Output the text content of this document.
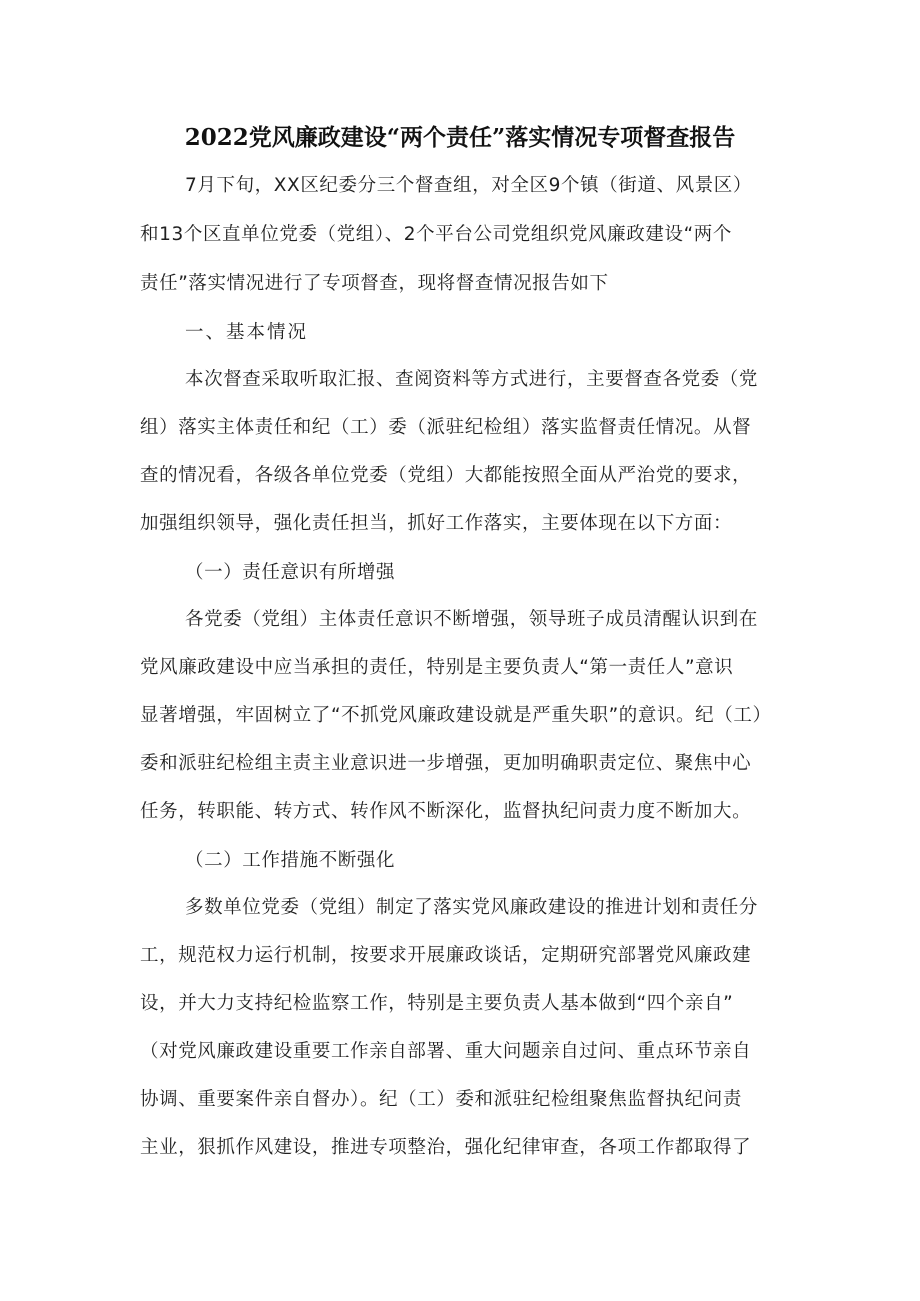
2022党风廉政建设“两个责任”落实情况专项督查报告
7月下旬，XX区纪委分三个督查组，对全区9个镇（街道、风景区）
和13个区直单位党委（党组）、2个平台公司党组织党风廉政建设“两个
责任”落实情况进行了专项督查，现将督查情况报告如下
一、基本情况
本次督查采取听取汇报、查阅资料等方式进行，主要督查各党委（党
组）落实主体责任和纪（工）委（派驻纪检组）落实监督责任情况。从督
查的情况看，各级各单位党委（党组）大都能按照全面从严治党的要求，
加强组织领导，强化责任担当，抓好工作落实，主要体现在以下方面：
（一）责任意识有所增强
各党委（党组）主体责任意识不断增强，领导班子成员清醒认识到在
党风廉政建设中应当承担的责任，特别是主要负责人“第一责任人”意识
显著增强，牢固树立了“不抓党风廉政建设就是严重失职”的意识。纪（工）
委和派驻纪检组主责主业意识进一步增强，更加明确职责定位、聚焦中心
任务，转职能、转方式、转作风不断深化，监督执纪问责力度不断加大。
（二）工作措施不断强化
多数单位党委（党组）制定了落实党风廉政建设的推进计划和责任分
工，规范权力运行机制，按要求开展廉政谈话，定期研究部署党风廉政建
设，并大力支持纪检监察工作，特别是主要负责人基本做到“四个亲自”
（对党风廉政建设重要工作亲自部署、重大问题亲自过问、重点环节亲自
协调、重要案件亲自督办）。纪（工）委和派驻纪检组聚焦监督执纪问责
主业，狠抓作风建设，推进专项整治，强化纪律审查，各项工作都取得了
